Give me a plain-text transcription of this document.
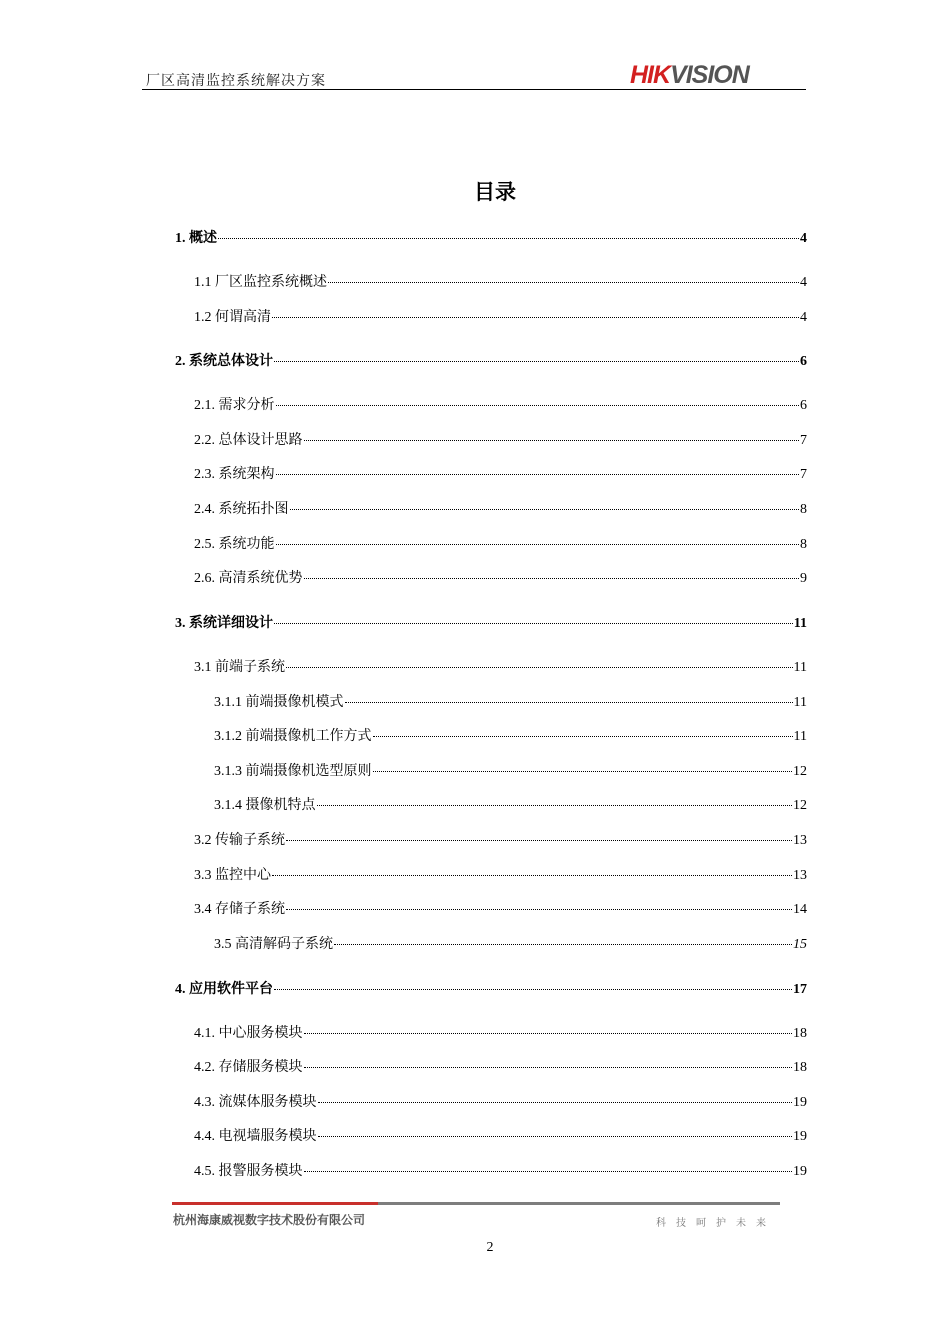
厂区高清监控系统解决方案	HIKVISION
目录
1. 概述	4
1.1 厂区监控系统概述	4
1.2 何谓高清	4
2. 系统总体设计	6
2.1. 需求分析	6
2.2. 总体设计思路	7
2.3. 系统架构	7
2.4. 系统拓扑图	8
2.5. 系统功能	8
2.6. 高清系统优势	9
3. 系统详细设计	11
3.1 前端子系统	11
3.1.1 前端摄像机模式	11
3.1.2 前端摄像机工作方式	11
3.1.3 前端摄像机选型原则	12
3.1.4 摄像机特点	12
3.2 传输子系统	13
3.3 监控中心	13
3.4 存储子系统	14
3.5 高清解码子系统	15
4. 应用软件平台	17
4.1. 中心服务模块	18
4.2. 存储服务模块	18
4.3. 流媒体服务模块	19
4.4. 电视墙服务模块	19
4.5. 报警服务模块	19
杭州海康威视数字技术股份有限公司	科技呵护未来
2
